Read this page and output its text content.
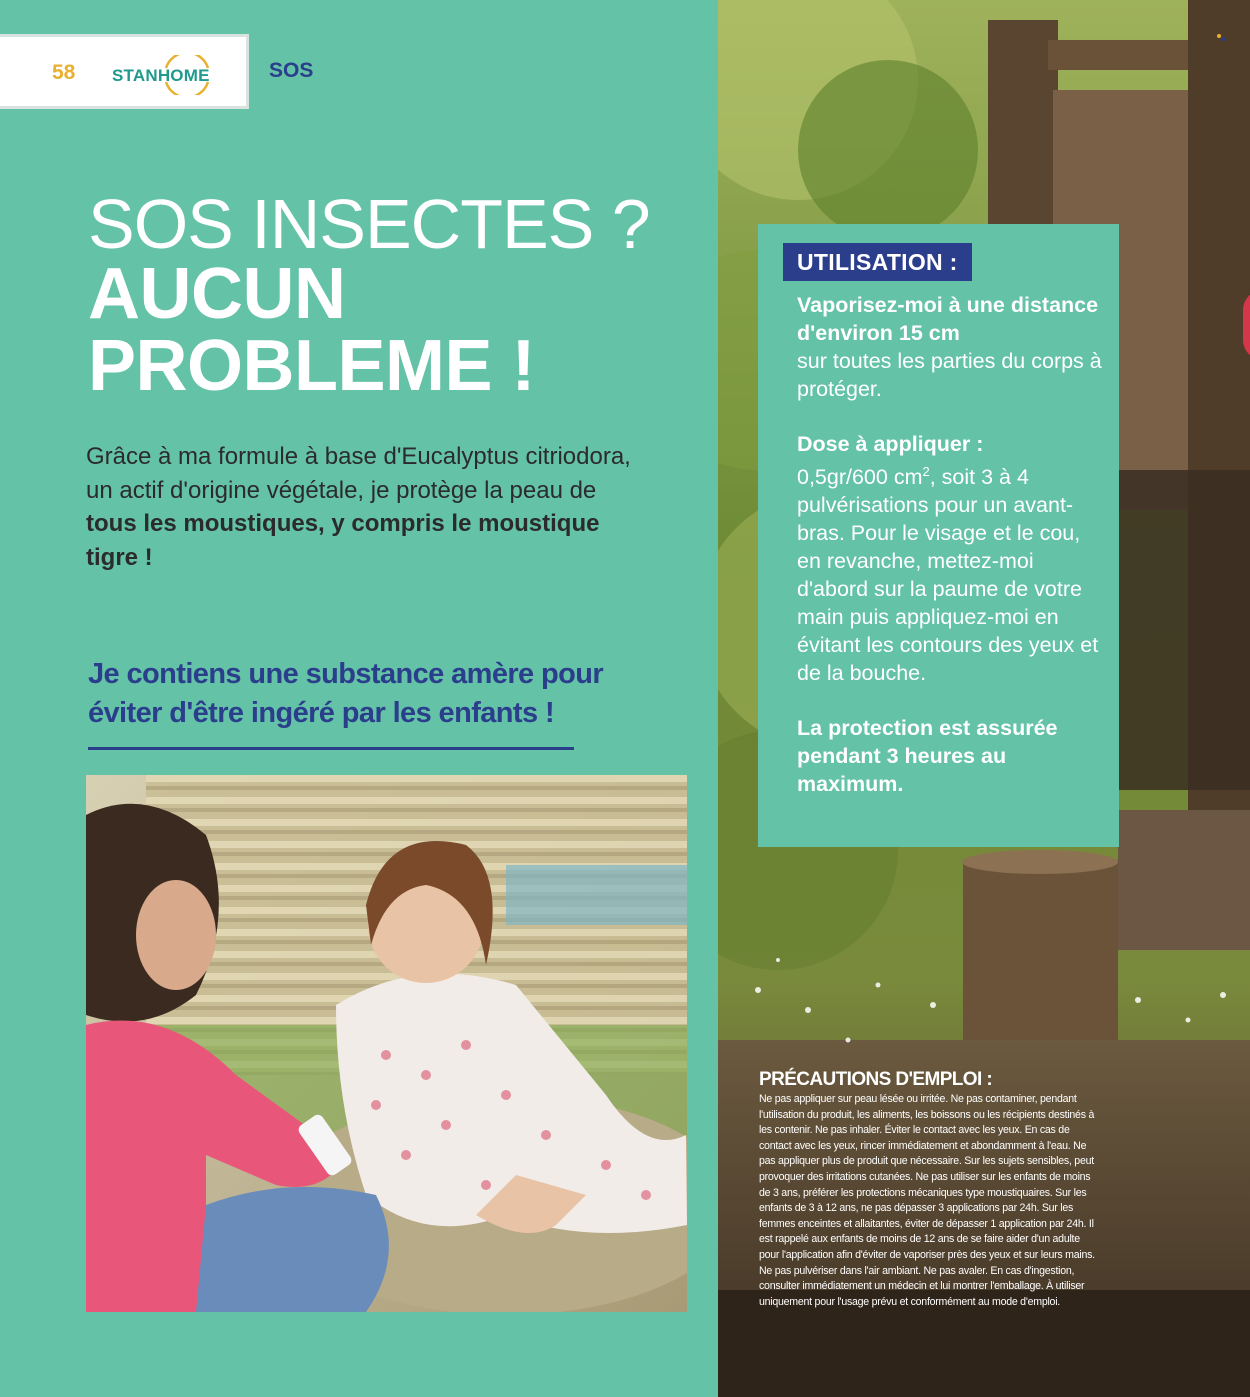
58 STANHOME	SOS
SOS INSECTES ?
AUCUN
PROBLEME !
Grâce à ma formule à base d'Eucalyptus citriodora, un actif d'origine végétale, je protège la peau de tous les moustiques, y compris le moustique tigre !
Je contiens une substance amère pour
éviter d'être ingéré par les enfants !
UTILISATION :

Vaporisez-moi à une distance d'environ 15 cm
sur toutes les parties du corps à protéger.

Dose à appliquer :
0,5gr/600 $cm^2$, soit 3 à 4 pulvérisations pour un avant-bras. Pour le visage et le cou, en revanche, mettez-moi d'abord sur la paume de votre main puis appliquez-moi en évitant les contours des yeux et de la bouche.

La protection est assurée pendant 3 heures au maximum.

PRÉCAUTIONS D'EMPLOI :
Ne pas appliquer sur peau lésée ou irritée. Ne pas contaminer, pendant l'utilisation du produit, les aliments, les boissons ou les récipients destinés à les contenir. Ne pas inhaler. Éviter le contact avec les yeux. En cas de contact avec les yeux, rincer immédiatement et abondamment à l'eau. Ne pas appliquer plus de produit que nécessaire. Sur les sujets sensibles, peut provoquer des irritations cutanées. Ne pas utiliser sur les enfants de moins de 3 ans, préférer les protections mécaniques type moustiquaires. Sur les enfants de 3 à 12 ans, ne pas dépasser 3 applications par 24h. Sur les femmes enceintes et allaitantes, éviter de dépasser 1 application par 24h. Il est rappelé aux enfants de moins de 12 ans de se faire aider d'un adulte pour l'application afin d'éviter de vaporiser près des yeux et sur leurs mains. Ne pas pulvériser dans l'air ambiant. Ne pas avaler. En cas d'ingestion, consulter immédiatement un médecin et lui montrer l'emballage. À utiliser uniquement pour l'usage prévu et conformément au mode d'emploi.
